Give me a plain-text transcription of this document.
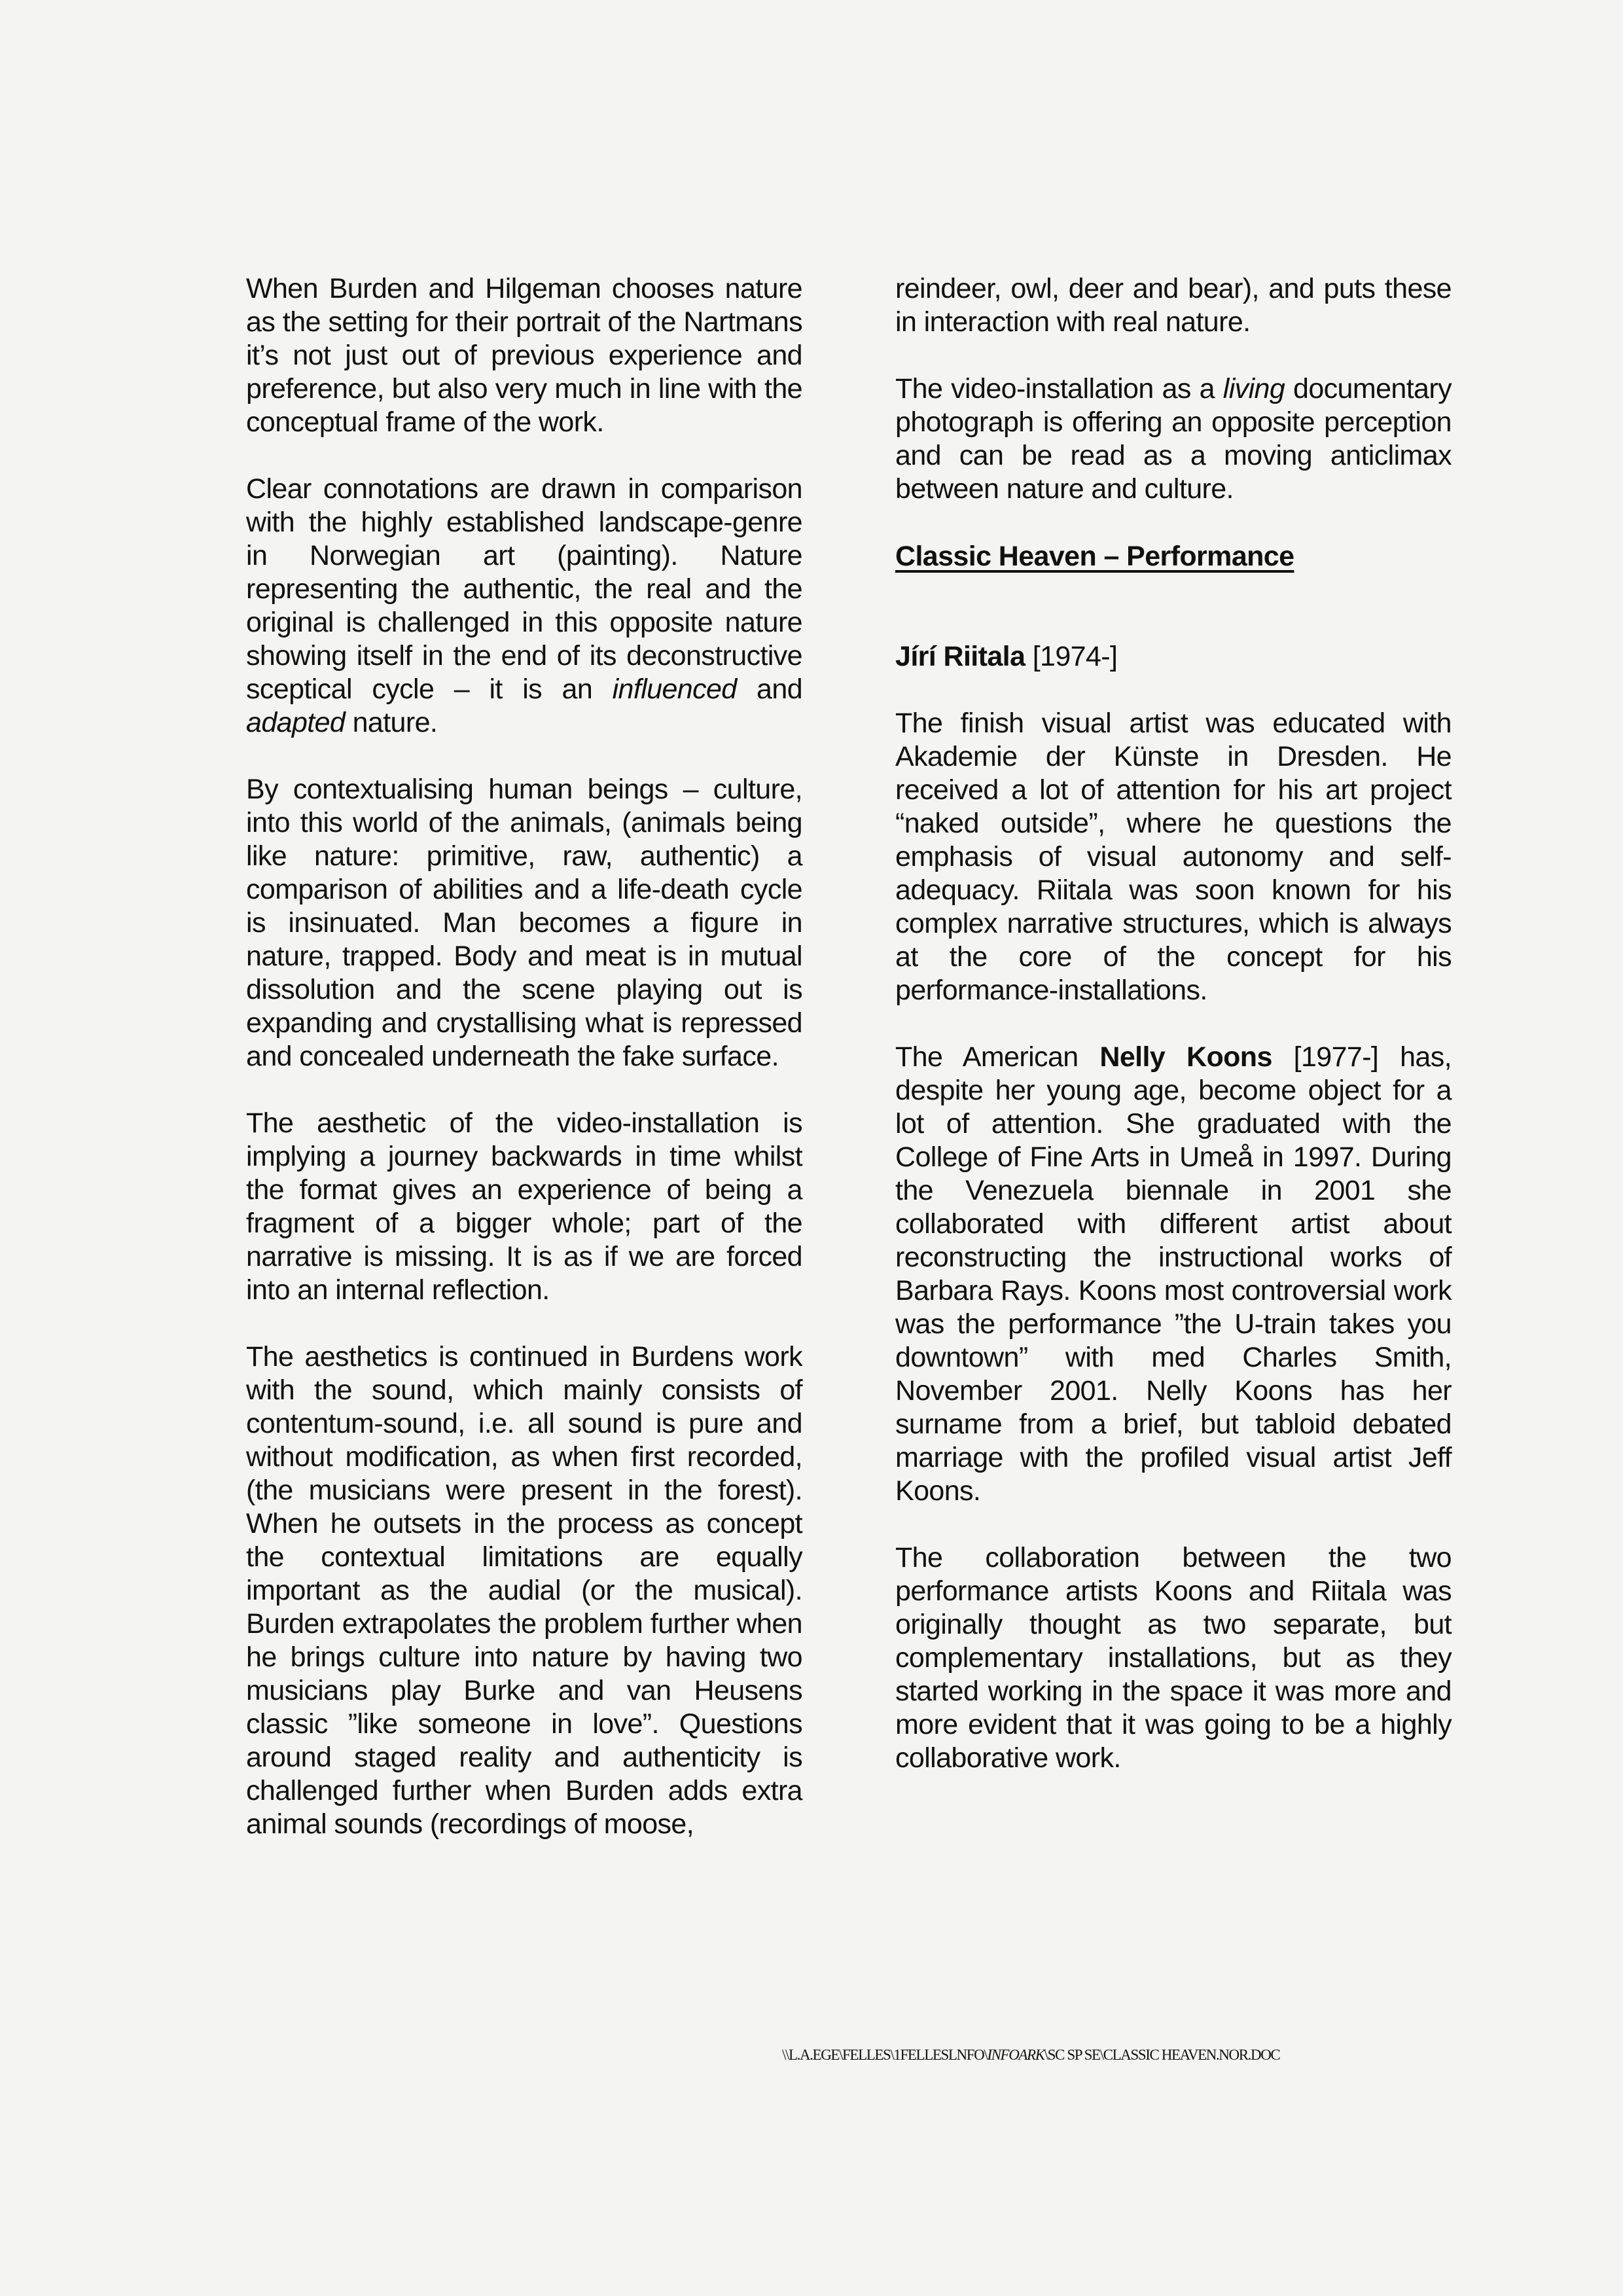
When Burden and Hilgeman chooses nature as the setting for their portrait of the Nartmans it’s not just out of previous experience and preference, but also very much in line with the conceptual frame of the work.

Clear connotations are drawn in comparison with the highly established landscape-genre in Norwegian art (painting). Nature representing the authentic, the real and the original is challenged in this opposite nature showing itself in the end of its deconstructive sceptical cycle – it is an influenced and adapted nature.

By contextualising human beings – culture, into this world of the animals, (animals being like nature: primitive, raw, authentic) a comparison of abilities and a life-death cycle is insinuated. Man becomes a figure in nature, trapped. Body and meat is in mutual dissolution and the scene playing out is expanding and crystallising what is repressed and concealed underneath the fake surface.

The aesthetic of the video-installation is implying a journey backwards in time whilst the format gives an experience of being a fragment of a bigger whole; part of the narrative is missing. It is as if we are forced into an internal reflection.

The aesthetics is continued in Burdens work with the sound, which mainly consists of contentum-sound, i.e. all sound is pure and without modification, as when first recorded, (the musicians were present in the forest). When he outsets in the process as concept the contextual limitations are equally important as the audial (or the musical). Burden extrapolates the problem further when he brings culture into nature by having two musicians play Burke and van Heusens classic ”like someone in love”. Questions around staged reality and authenticity is challenged further when Burden adds extra animal sounds (recordings of moose,

reindeer, owl, deer and bear), and puts these in interaction with real nature.

The video-installation as a living documentary photograph is offering an opposite perception and can be read as a moving anticlimax between nature and culture.

Classic Heaven – Performance

Jírí Riitala [1974-]

The finish visual artist was educated with Akademie der Künste in Dresden. He received a lot of attention for his art project “naked outside”, where he questions the emphasis of visual autonomy and self-adequacy. Riitala was soon known for his complex narrative structures, which is always at the core of the concept for his performance-installations.

The American Nelly Koons [1977-] has, despite her young age, become object for a lot of attention. She graduated with the College of Fine Arts in Umeå in 1997. During the Venezuela biennale in 2001 she collaborated with different artist about reconstructing the instructional works of Barbara Rays. Koons most controversial work was the performance ”the U-train takes you downtown” with med Charles Smith, November 2001. Nelly Koons has her surname from a brief, but tabloid debated marriage with the profiled visual artist Jeff Koons.

The collaboration between the two performance artists Koons and Riitala was originally thought as two separate, but complementary installations, but as they started working in the space it was more and more evident that it was going to be a highly collaborative work.

\\L.A.EGE\FELLES\1FELLESLNFO\INFOARK\SC SP SE\CLASSIC HEAVEN.NOR.DOC
